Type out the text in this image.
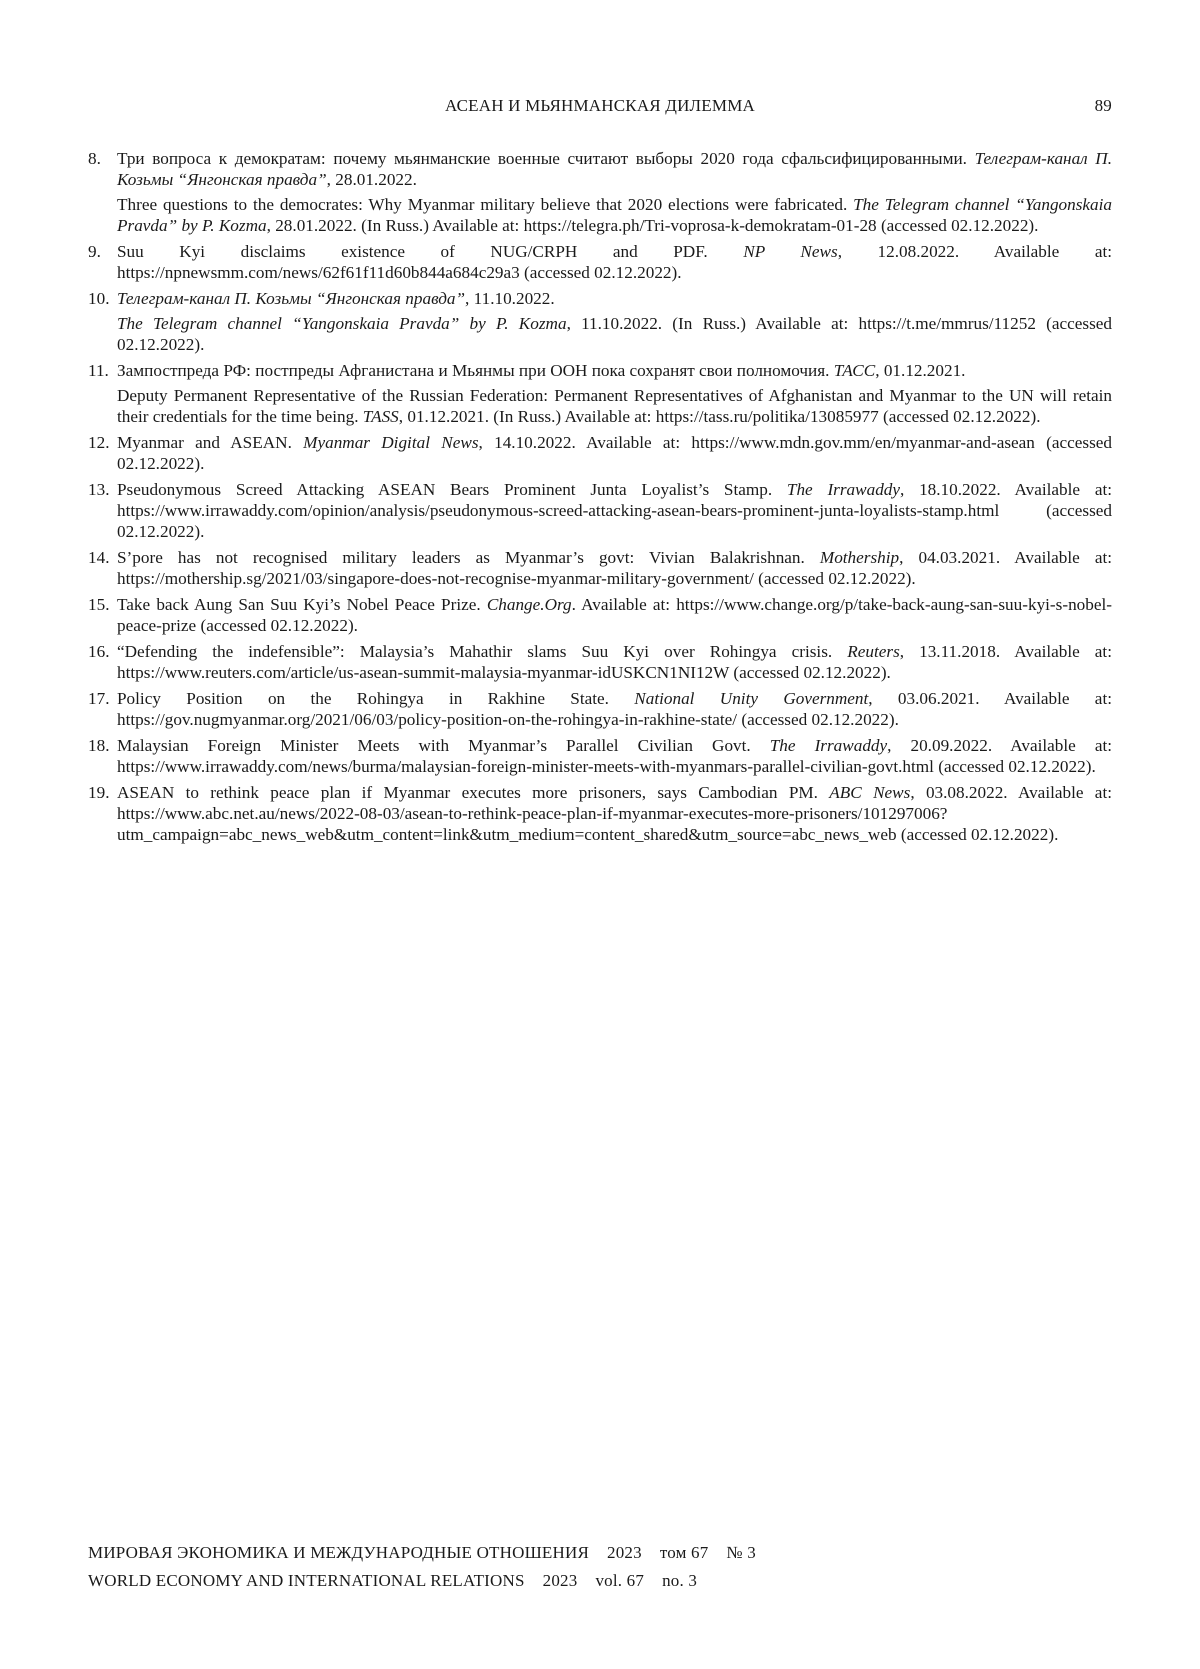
АСЕАН И МЬЯНМАНСКАЯ ДИЛЕММА	89
8. Три вопроса к демократам: почему мьянманские военные считают выборы 2020 года сфальсифицированными. Телеграм-канал П. Козьмы “Янгонская правда”, 28.01.2022.

Three questions to the democrates: Why Myanmar military believe that 2020 elections were fabricated. The Telegram channel “Yangonskaia Pravda” by P. Kozma, 28.01.2022. (In Russ.) Available at: https://telegra.ph/Tri-voprosa-k-demokratam-01-28 (accessed 02.12.2022).

9. Suu Kyi disclaims existence of NUG/CRPH and PDF. NP News, 12.08.2022. Available at: https://npnewsmm.com/news/62f61f11d60b844a684c29a3 (accessed 02.12.2022).

10. Телеграм-канал П. Козьмы “Янгонская правда”, 11.10.2022.

The Telegram channel “Yangonskaia Pravda” by P. Kozma, 11.10.2022. (In Russ.) Available at: https://t.me/mmrus/11252 (accessed 02.12.2022).

11. Зампостпреда РФ: постпреды Афганистана и Мьянмы при ООН пока сохранят свои полномочия. ТАСС, 01.12.2021.

Deputy Permanent Representative of the Russian Federation: Permanent Representatives of Afghanistan and Myanmar to the UN will retain their credentials for the time being. TASS, 01.12.2021. (In Russ.) Available at: https://tass.ru/politika/13085977 (accessed 02.12.2022).

12. Myanmar and ASEAN. Myanmar Digital News, 14.10.2022. Available at: https://www.mdn.gov.mm/en/myanmar-and-asean (accessed 02.12.2022).

13. Pseudonymous Screed Attacking ASEAN Bears Prominent Junta Loyalist’s Stamp. The Irrawaddy, 18.10.2022. Available at: https://www.irrawaddy.com/opinion/analysis/pseudonymous-screed-attacking-asean-bears-prominent-junta-loyalists-stamp.html (accessed 02.12.2022).

14. S’pore has not recognised military leaders as Myanmar’s govt: Vivian Balakrishnan. Mothership, 04.03.2021. Available at: https://mothership.sg/2021/03/singapore-does-not-recognise-myanmar-military-government/ (accessed 02.12.2022).

15. Take back Aung San Suu Kyi’s Nobel Peace Prize. Change.Org. Available at: https://www.change.org/p/take-back-aung-san-suu-kyi-s-nobel-peace-prize (accessed 02.12.2022).

16. “Defending the indefensible”: Malaysia’s Mahathir slams Suu Kyi over Rohingya crisis. Reuters, 13.11.2018. Available at: https://www.reuters.com/article/us-asean-summit-malaysia-myanmar-idUSKCN1NI12W (accessed 02.12.2022).

17. Policy Position on the Rohingya in Rakhine State. National Unity Government, 03.06.2021. Available at: https://gov.nugmyanmar.org/2021/06/03/policy-position-on-the-rohingya-in-rakhine-state/ (accessed 02.12.2022).

18. Malaysian Foreign Minister Meets with Myanmar’s Parallel Civilian Govt. The Irrawaddy, 20.09.2022. Available at: https://www.irrawaddy.com/news/burma/malaysian-foreign-minister-meets-with-myanmars-parallel-civilian-govt.html (accessed 02.12.2022).

19. ASEAN to rethink peace plan if Myanmar executes more prisoners, says Cambodian PM. ABC News, 03.08.2022. Available at: https://www.abc.net.au/news/2022-08-03/asean-to-rethink-peace-plan-if-myanmar-executes-more-prisoners/101297006?utm_campaign=abc_news_web&utm_content=link&utm_medium=content_shared&utm_source=abc_news_web (accessed 02.12.2022).

МИРОВАЯ ЭКОНОМИКА И МЕЖДУНАРОДНЫЕ ОТНОШЕНИЯ 2023 том 67 № 3
WORLD ECONOMY AND INTERNATIONAL RELATIONS 2023 vol. 67 no. 3
